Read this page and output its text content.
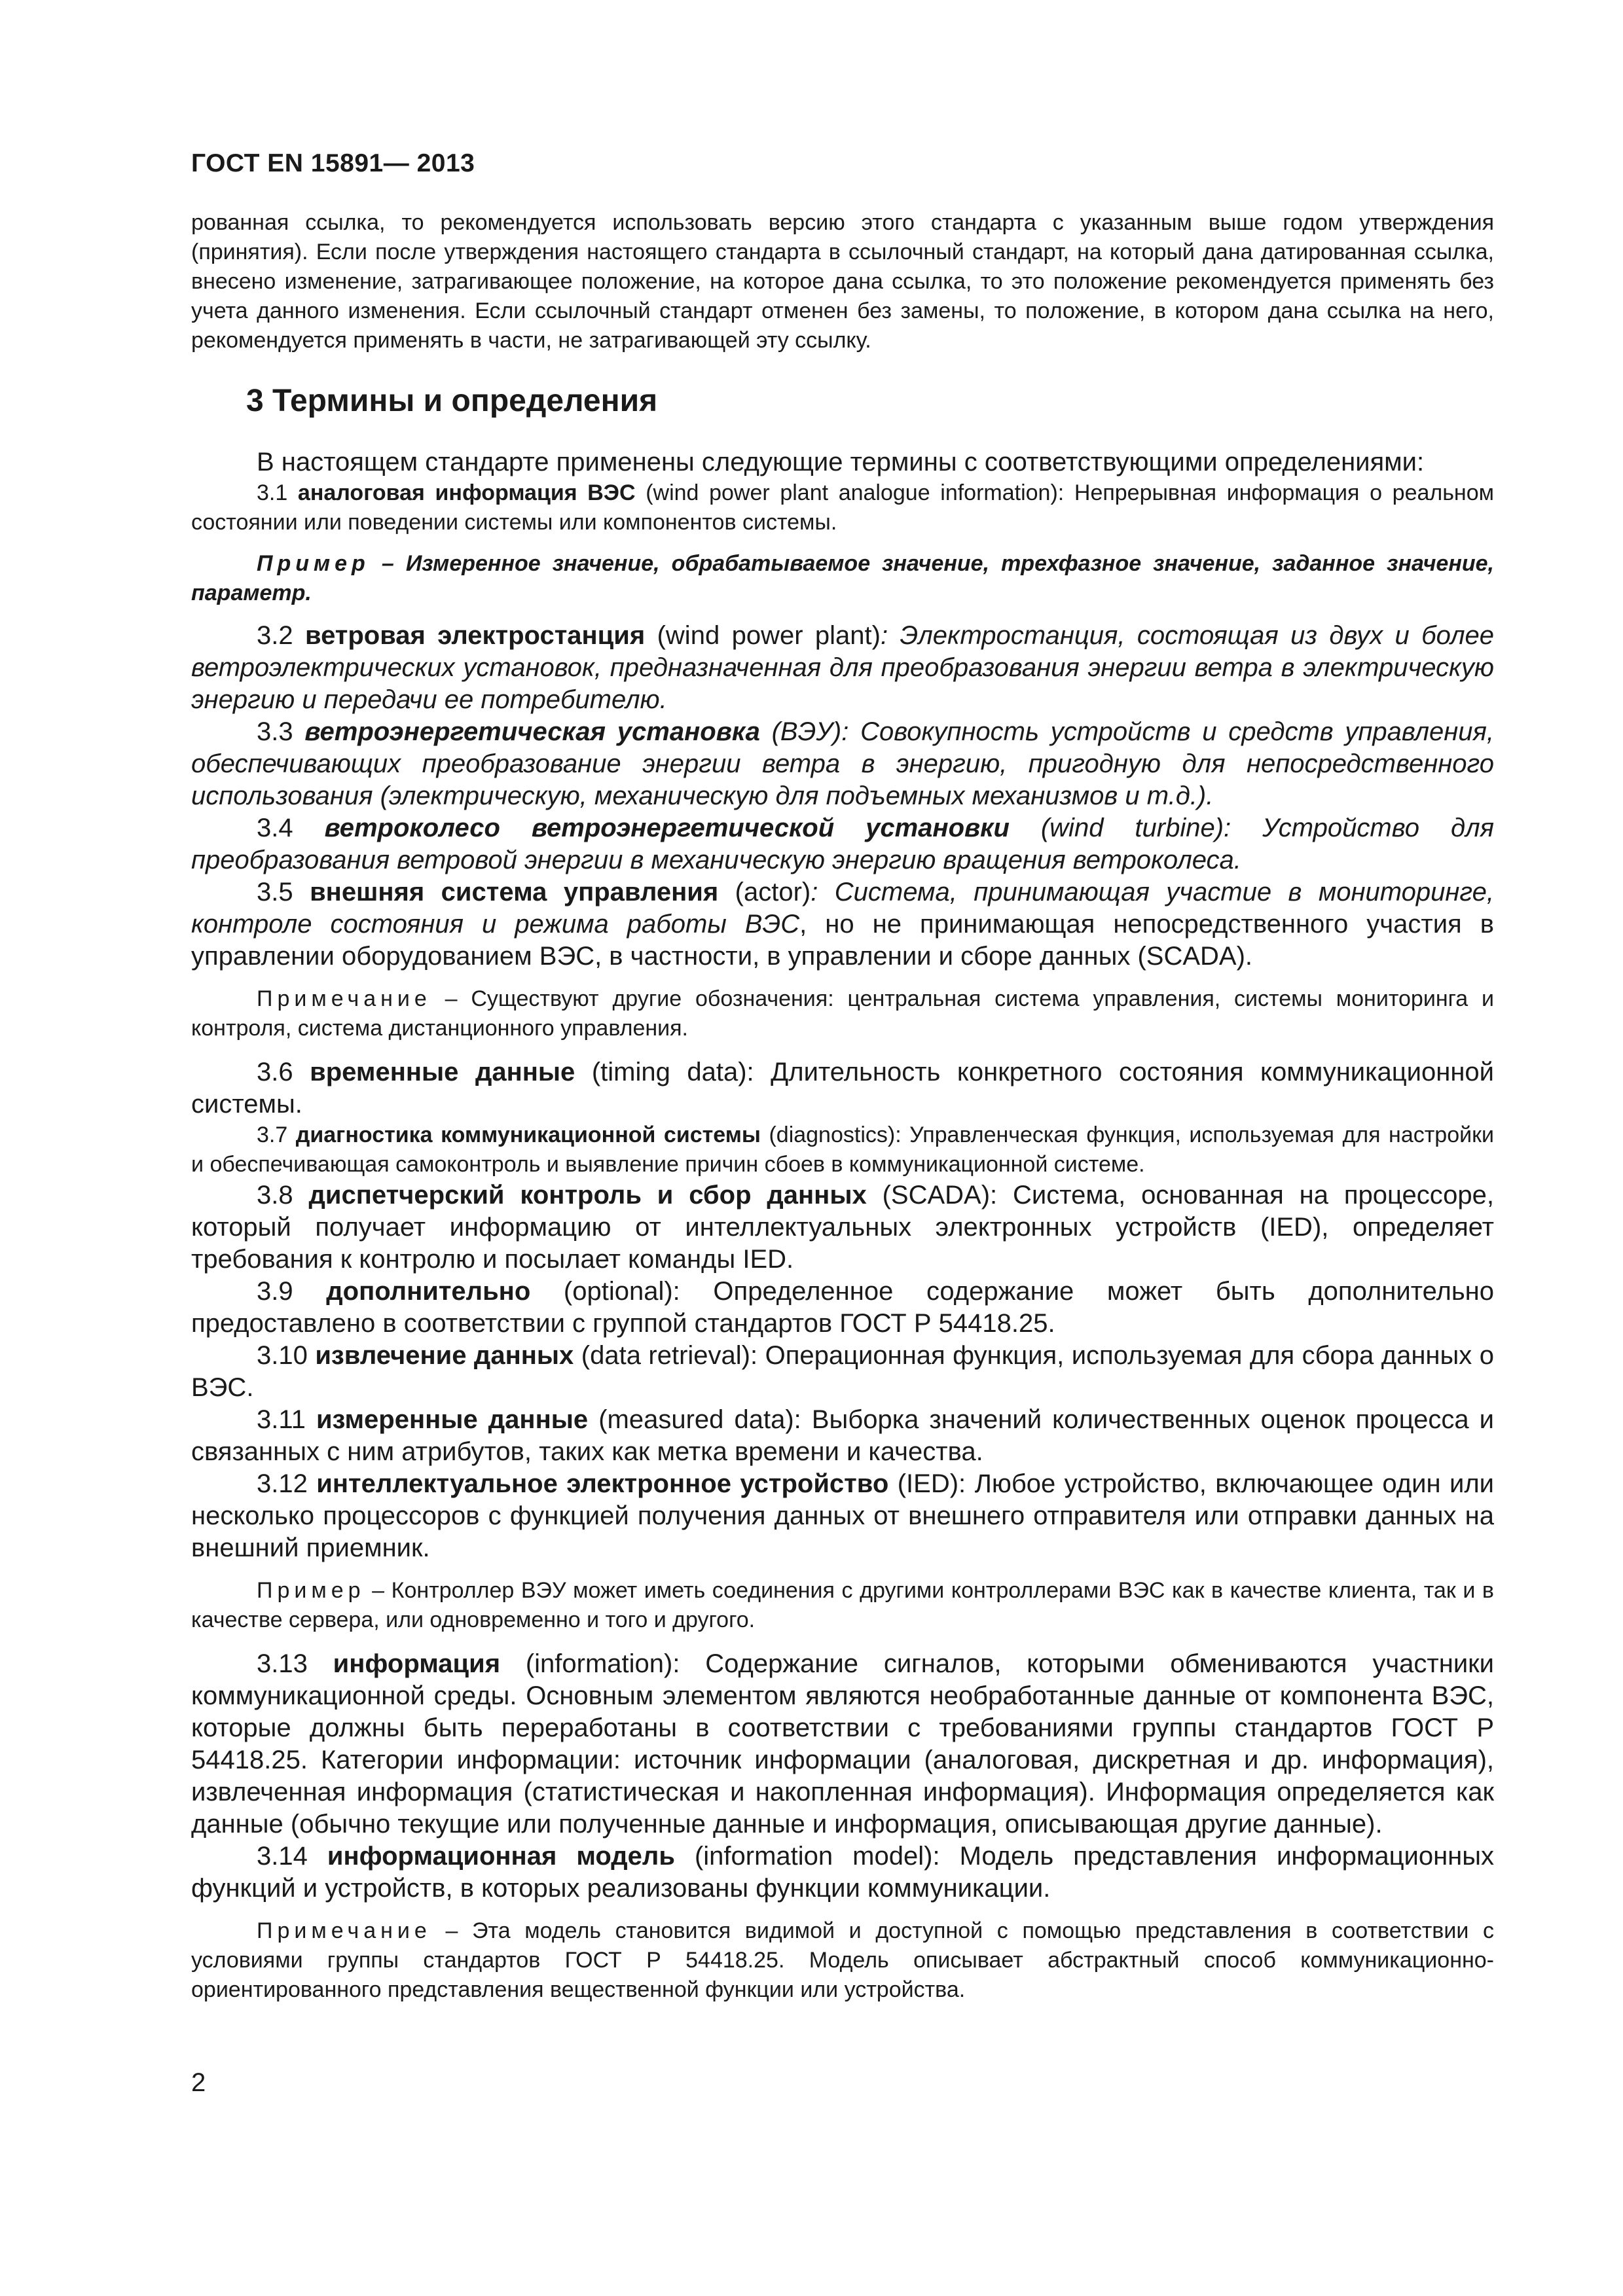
ГОСТ EN 15891— 2013

рованная ссылка, то рекомендуется использовать версию этого стандарта с указанным выше годом утверждения (принятия). Если после утверждения настоящего стандарта в ссылочный стандарт, на который дана датированная ссылка, внесено изменение, затрагивающее положение, на которое дана ссылка, то это положение рекомендуется применять без учета данного изменения. Если ссылочный стандарт отменен без замены, то положение, в котором дана ссылка на него, рекомендуется применять в части, не затрагивающей эту ссылку.

3 Термины и определения

В настоящем стандарте применены следующие термины с соответствующими определениями:

3.1 аналоговая информация ВЭС (wind power plant analogue information): Непрерывная информация о реальном состоянии или поведении системы или компонентов системы.

Пример – Измеренное значение, обрабатываемое значение, трехфазное значение, заданное значение, параметр.

3.2 ветровая электростанция (wind power plant): Электростанция, состоящая из двух и более ветроэлектрических установок, предназначенная для преобразования энергии ветра в электрическую энергию и передачи ее потребителю.

3.3 ветроэнергетическая установка (ВЭУ): Совокупность устройств и средств управления, обеспечивающих преобразование энергии ветра в энергию, пригодную для непосредственного использования (электрическую, механическую для подъемных механизмов и т.д.).

3.4 ветроколесо ветроэнергетической установки (wind turbine): Устройство для преобразования ветровой энергии в механическую энергию вращения ветроколеса.

3.5 внешняя система управления (actor): Система, принимающая участие в мониторинге, контроле состояния и режима работы ВЭС, но не принимающая непосредственного участия в управлении оборудованием ВЭС, в частности, в управлении и сборе данных (SCADA).

Примечание – Существуют другие обозначения: центральная система управления, системы мониторинга и контроля, система дистанционного управления.

3.6 временные данные (timing data): Длительность конкретного состояния коммуникационной системы.

3.7 диагностика коммуникационной системы (diagnostics): Управленческая функция, используемая для настройки и обеспечивающая самоконтроль и выявление причин сбоев в коммуникационной системе.

3.8 диспетчерский контроль и сбор данных (SCADA): Система, основанная на процессоре, который получает информацию от интеллектуальных электронных устройств (IED), определяет требования к контролю и посылает команды IED.

3.9 дополнительно (optional): Определенное содержание может быть дополнительно предоставлено в соответствии с группой стандартов ГОСТ Р 54418.25.

3.10 извлечение данных (data retrieval): Операционная функция, используемая для сбора данных о ВЭС.

3.11 измеренные данные (measured data): Выборка значений количественных оценок процесса и связанных с ним атрибутов, таких как метка времени и качества.

3.12 интеллектуальное электронное устройство (IED): Любое устройство, включающее один или несколько процессоров с функцией получения данных от внешнего отправителя или отправки данных на внешний приемник.

Пример – Контроллер ВЭУ может иметь соединения с другими контроллерами ВЭС как в качестве клиента, так и в качестве сервера, или одновременно и того и другого.

3.13 информация (information): Содержание сигналов, которыми обмениваются участники коммуникационной среды. Основным элементом являются необработанные данные от компонента ВЭС, которые должны быть переработаны в соответствии с требованиями группы стандартов ГОСТ Р 54418.25. Категории информации: источник информации (аналоговая, дискретная и др. информация), извлеченная информация (статистическая и накопленная информация). Информация определяется как данные (обычно текущие или полученные данные и информация, описывающая другие данные).

3.14 информационная модель (information model): Модель представления информационных функций и устройств, в которых реализованы функции коммуникации.

Примечание – Эта модель становится видимой и доступной с помощью представления в соответствии с условиями группы стандартов ГОСТ Р 54418.25. Модель описывает абстрактный способ коммуникационно-ориентированного представления вещественной функции или устройства.

2
